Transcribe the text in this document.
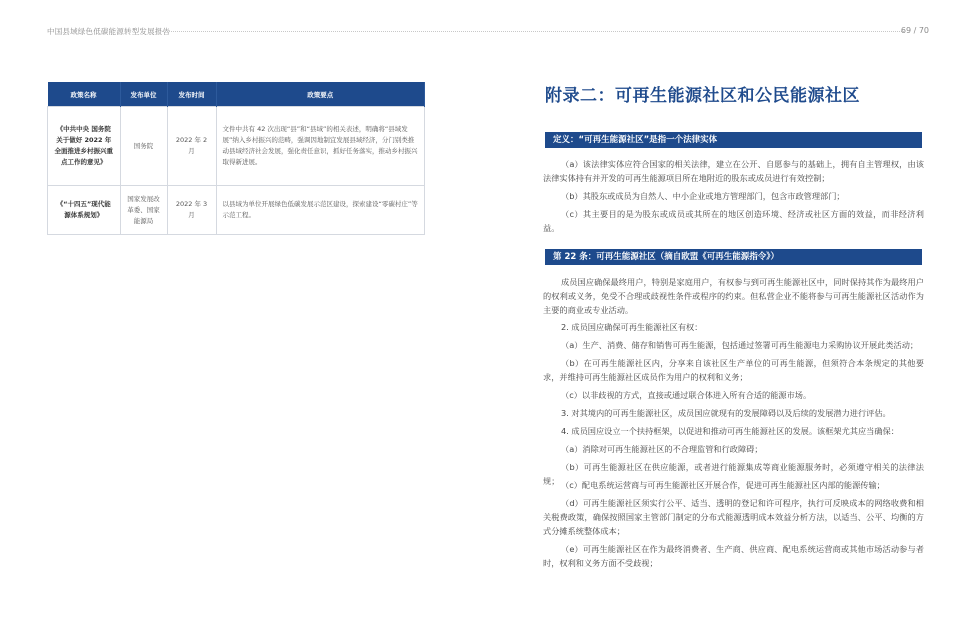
中国县域绿色低碳能源转型发展报告	69 / 70
政策名称	发布单位	发布时间	政策要点
《中共中央 国务院关于做好 2022 年全面推进乡村振兴重点工作的意见》	国务院	2022 年 2 月	文件中共有 42 次出现“县”和“县域”的相关表述，明确将“县域发展”纳入乡村振兴的范畴，强调因地制宜发展县域经济，分门别类推动县域经济社会发展，强化责任意识，抓好任务落实，推动乡村振兴取得新进展。
《“十四五”现代能源体系规划》	国家发展改革委、国家能源局	2022 年 3 月	以县域为单位开展绿色低碳发展示范区建设，探索建设“零碳村庄”等示范工程。
附录二：可再生能源社区和公民能源社区
定义：“可再生能源社区”是指一个法律实体
（a）该法律实体应符合国家的相关法律，建立在公开、自愿参与的基础上，拥有自主管理权，由该法律实体持有并开发的可再生能源项目所在地附近的股东或成员进行有效控制；
（b）其股东或成员为自然人、中小企业或地方管理部门，包含市政管理部门；
（c）其主要目的是为股东或成员或其所在的地区创造环境、经济或社区方面的效益，而非经济利益。
第 22 条：可再生能源社区（摘自欧盟《可再生能源指令》）
成员国应确保最终用户，特别是家庭用户，有权参与到可再生能源社区中，同时保持其作为最终用户的权利或义务，免受不合理或歧视性条件或程序的约束。但私营企业不能将参与可再生能源社区活动作为主要的商业或专业活动。
2. 成员国应确保可再生能源社区有权：
（a）生产、消费、储存和销售可再生能源，包括通过签署可再生能源电力采购协议开展此类活动；
（b）在可再生能源社区内，分享来自该社区生产单位的可再生能源，但须符合本条规定的其他要求，并维持可再生能源社区成员作为用户的权利和义务；
（c）以非歧视的方式，直接或通过联合体进入所有合适的能源市场。
3. 对其境内的可再生能源社区，成员国应就现有的发展障碍以及后续的发展潜力进行评估。
4. 成员国应设立一个扶持框架，以促进和推动可再生能源社区的发展。该框架尤其应当确保：
（a）消除对可再生能源社区的不合理监管和行政障碍；
（b）可再生能源社区在供应能源，或者进行能源集成等商业能源服务时，必须遵守相关的法律法规； （c）配电系统运营商与可再生能源社区开展合作，促进可再生能源社区内部的能源传输；
（d）可再生能源社区须实行公平、适当、透明的登记和许可程序，执行可反映成本的网络收费和相关税费政策，确保按照国家主管部门制定的分布式能源透明成本效益分析方法，以适当、公平、均衡的方式分摊系统整体成本；
（e）可再生能源社区在作为最终消费者、生产商、供应商、配电系统运营商或其他市场活动参与者时，权利和义务方面不受歧视；
